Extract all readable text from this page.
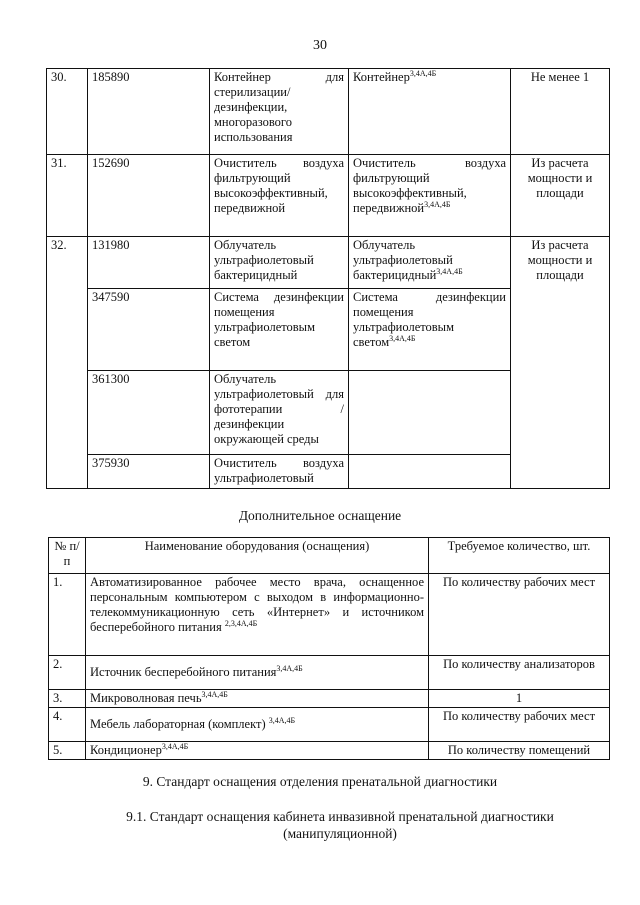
30
30.	185890	Контейнер для стерилизации/ дезинфекции, многоразового использования	Контейнер$^{3,4А,4Б}$	Не менее 1
31.	152690	Очиститель воздуха фильтрующий высокоэффективный, передвижной	Очиститель воздуха фильтрующий высокоэффективный, передвижной$^{3,4А,4Б}$	Из расчета мощности и площади
32.	131980	Облучатель ультрафиолетовый бактерицидный	Облучатель ультрафиолетовый бактерицидный$^{3,4А,4Б}$	Из расчета мощности и площади
	347590	Система дезинфекции помещения ультрафиолетовым светом	Система дезинфекции помещения ультрафиолетовым светом$^{3,4А,4Б}$
	361300	Облучатель ультрафиолетовый для фототерапии /дезинфекции окружающей среды		
	375930	Очиститель воздуха ультрафиолетовый		
Дополнительное оснащение
№ п/п	Наименование оборудования (оснащения)	Требуемое количество, шт.
1.	Автоматизированное рабочее место врача, оснащенное персональным компьютером с выходом в информационно-телекоммуникационную сеть «Интернет» и источником бесперебойного питания $^{2,3,4А,4Б}$	По количеству рабочих мест
2.	Источник бесперебойного питания$^{3,4А,4Б}$	По количеству анализаторов
3.	Микроволновая печь$^{3,4А,4Б}$	1
4.	Мебель лабораторная (комплект) $^{3,4А,4Б}$	По количеству рабочих мест
5.	Кондиционер$^{3,4А,4Б}$	По количеству помещений
9. Стандарт оснащения отделения пренатальной диагностики
9.1. Стандарт оснащения кабинета инвазивной пренатальной диагностики (манипуляционной)
